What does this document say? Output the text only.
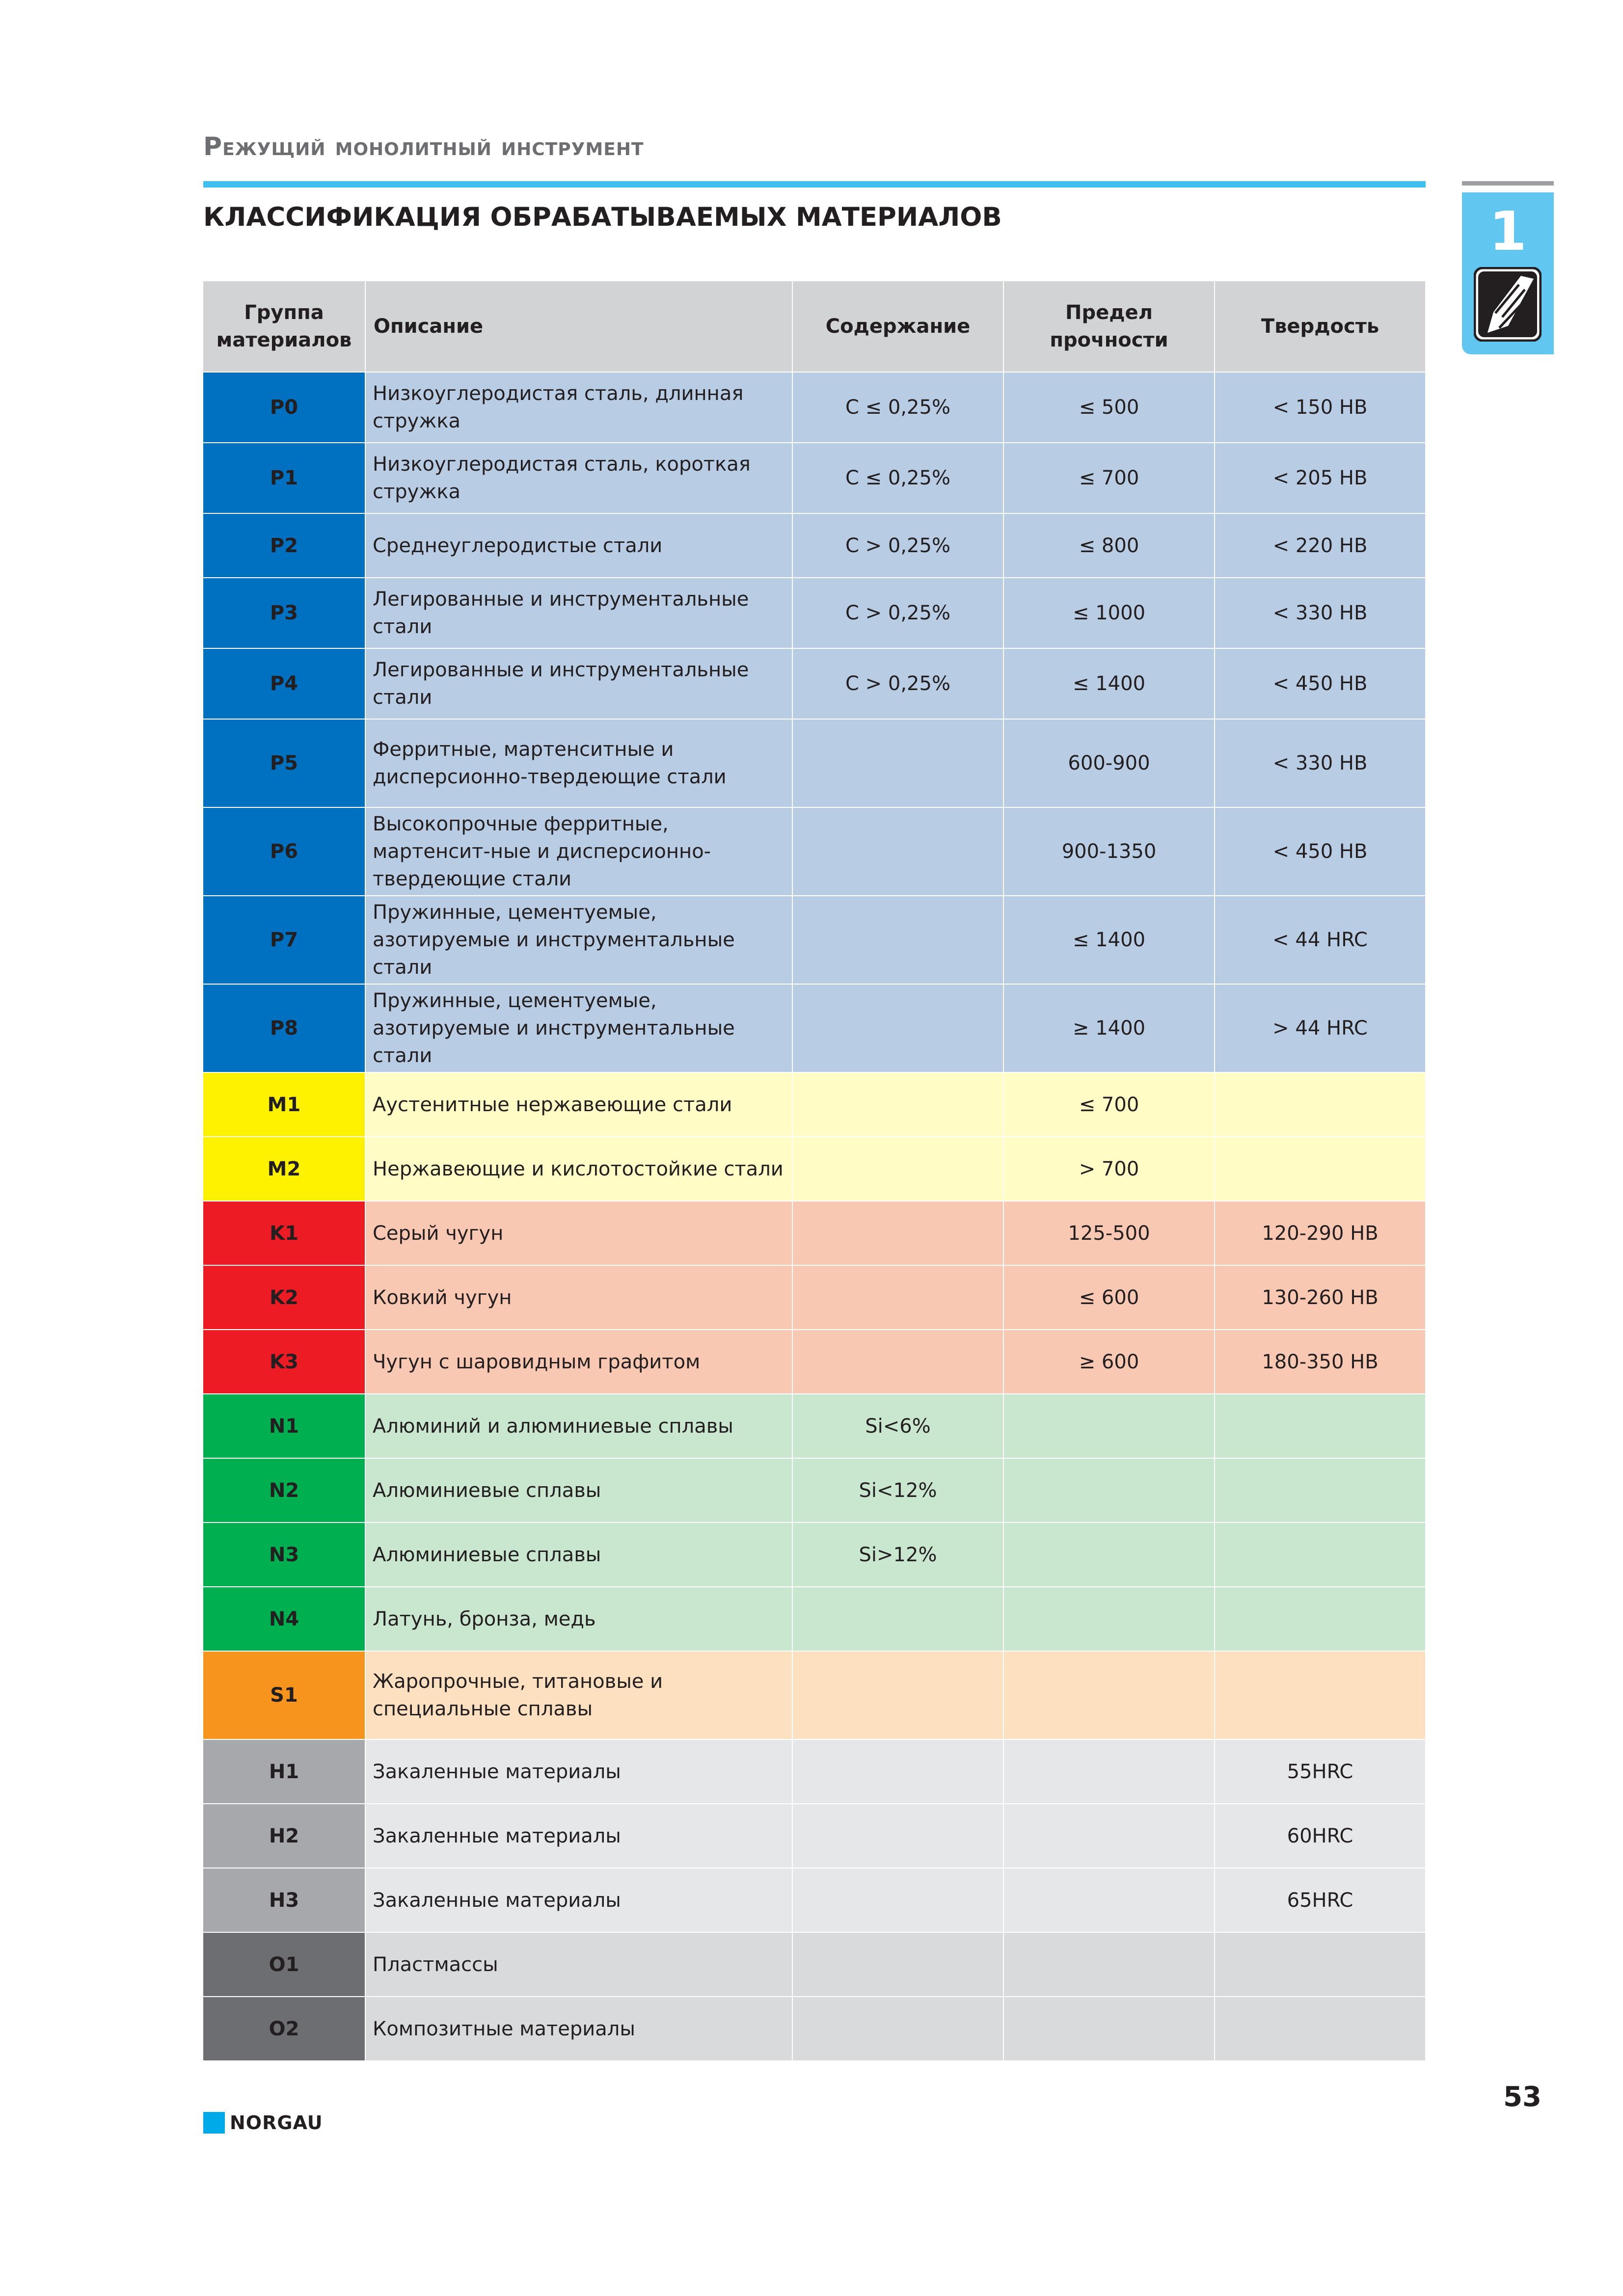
Режущий монолитный инструмент
КЛАССИФИКАЦИЯ ОБРАБАТЫВАЕМЫХ МАТЕРИАЛОВ	1
Группа материалов	Описание	Содержание	Предел прочности	Твердость
P0	Низкоуглеродистая сталь, длинная стружка	C ≤ 0,25%	≤ 500	< 150 HB
P1	Низкоуглеродистая сталь, короткая стружка	C ≤ 0,25%	≤ 700	< 205 HB
P2	Среднеуглеродистые стали	C > 0,25%	≤ 800	< 220 HB
P3	Легированные и инструментальные стали	C > 0,25%	≤ 1000	< 330 HB
P4	Легированные и инструментальные стали	C > 0,25%	≤ 1400	< 450 HB
P5	Ферритные, мартенситные и дисперсионно-твердеющие стали		600-900	< 330 HB
P6	Высокопрочные ферритные, мартенсит-ные и дисперсионно-твердеющие стали		900-1350	< 450 HB
P7	Пружинные, цементуемые, азотируемые и инструментальные стали		≤ 1400	< 44 HRC
P8	Пружинные, цементуемые, азотируемые и инструментальные стали		≥ 1400	> 44 HRC
M1	Аустенитные нержавеющие стали		≤ 700	
M2	Нержавеющие и кислотостойкие стали		> 700	
K1	Серый чугун		125-500	120-290 HB
K2	Ковкий чугун		≤ 600	130-260 HB
K3	Чугун с шаровидным графитом		≥ 600	180-350 HB
N1	Алюминий и алюминиевые сплавы	Si<6%		
N2	Алюминиевые сплавы	Si<12%		
N3	Алюминиевые сплавы	Si>12%		
N4	Латунь, бронза, медь			
S1	Жаропрочные, титановые и специальные сплавы			
H1	Закаленные материалы			55HRC
H2	Закаленные материалы			60HRC
H3	Закаленные материалы			65HRC
O1	Пластмассы			
O2	Композитные материалы			
NORGAU
53
